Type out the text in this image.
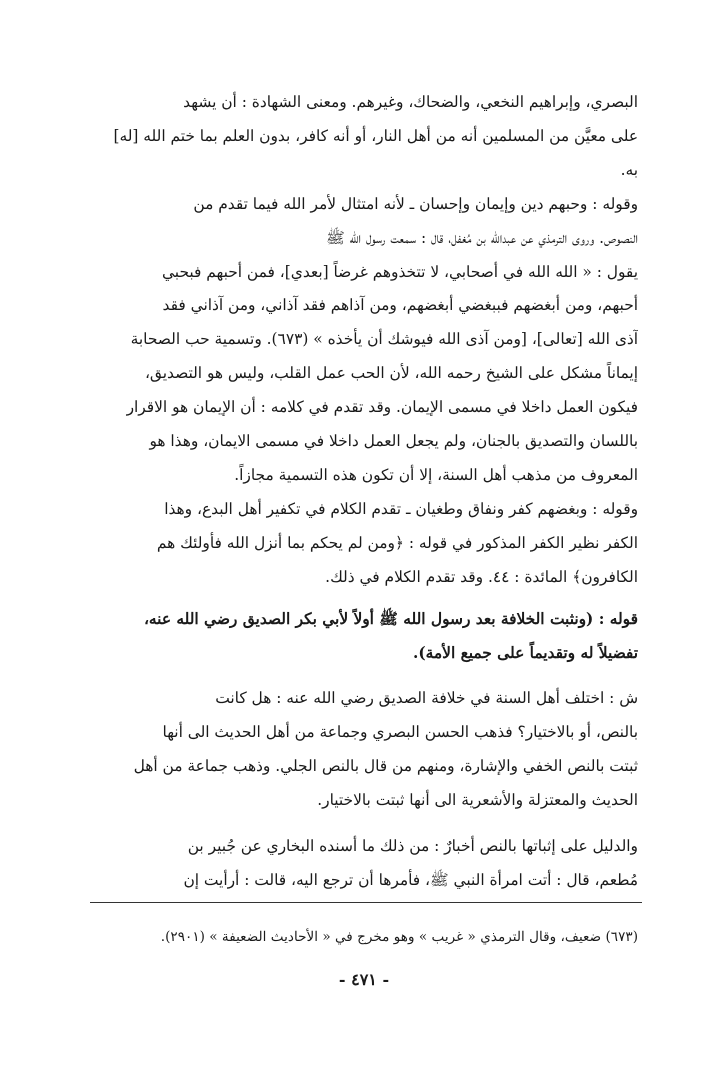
البصري، وإبراهيم النخعي، والضحاك، وغيرهم. ومعنى الشهادة : أن يشهد
على معيَّن من المسلمين أنه من أهل النار، أو أنه كافر، بدون العلم بما ختم الله [له]
به.

وقوله : وحبهم دين وإيمان وإحسان ـ لأنه امتثال لأمر الله فيما تقدم من
النصوص. وروى الترمذي عن عبدالله بن مُغفل، قال : سمعت رسول الله ﷺ
يقول : « الله الله في أصحابي، لا تتخذوهم غرضاً [بعدي]، فمن أحبهم فبحبي
أحبهم، ومن أبغضهم فببغضي أبغضهم، ومن آذاهم فقد آذاني، ومن آذاني فقد
آذى الله [تعالى]، [ومن آذى الله فيوشك أن يأخذه » (٦٧٣). وتسمية حب الصحابة
إيماناً مشكل على الشيخ رحمه الله، لأن الحب عمل القلب، وليس هو التصديق،
فيكون العمل داخلا في مسمى الإيمان. وقد تقدم في كلامه : أن الإيمان هو الاقرار
باللسان والتصديق بالجنان، ولم يجعل العمل داخلا في مسمى الايمان، وهذا هو
المعروف من مذهب أهل السنة، إلا أن تكون هذه التسمية مجازاً.

وقوله : وبغضهم كفر ونفاق وطغيان ـ تقدم الكلام في تكفير أهل البدع، وهذا
الكفر نظير الكفر المذكور في قوله : ﴿ومن لم يحكم بما أنزل الله فأولئك هم
الكافرون﴾ المائدة : ٤٤. وقد تقدم الكلام في ذلك.

قوله : (ونثبت الخلافة بعد رسول الله ﷺ أولاً لأبي بكر الصديق رضي الله عنه،
تفضيلاً له وتقديماً على جميع الأمة).

ش : اختلف أهل السنة في خلافة الصديق رضي الله عنه : هل كانت
بالنص، أو بالاختيار؟ فذهب الحسن البصري وجماعة من أهل الحديث الى أنها
ثبتت بالنص الخفي والإشارة، ومنهم من قال بالنص الجلي. وذهب جماعة من أهل
الحديث والمعتزلة والأشعرية الى أنها ثبتت بالاختيار.

والدليل على إثباتها بالنص أخبارٌ : من ذلك ما أسنده البخاري عن جُبير بن
مُطعم، قال : أتت امرأة النبي ﷺ، فأمرها أن ترجع اليه، قالت : أرأيت إن

(٦٧٣) ضعيف، وقال الترمذي « غريب » وهو مخرج في « الأحاديث الضعيفة » (٢٩٠١).
- ٤٧١ -
